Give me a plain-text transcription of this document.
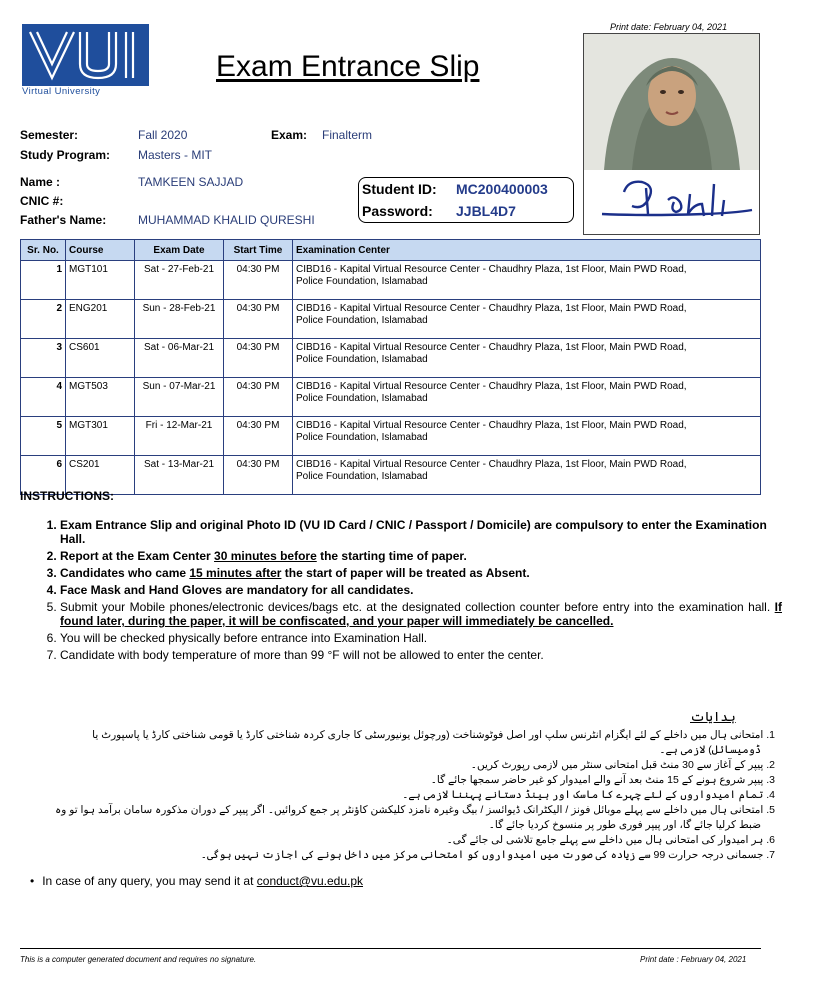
Print date: February 04, 2021
Virtual University
Exam Entrance Slip
Semester:	Fall 2020	Exam: Finalterm
Study Program: Masters - MIT
Name :	TAMKEEN SAJJAD
CNIC #:
Father's Name:	MUHAMMAD KHALID QURESHI
Student ID: MC200400003
Password: JJBL4D7
Sr. No.	Course	Exam Date	Start Time	Examination Center
1	MGT101	Sat - 27-Feb-21	04:30 PM	CIBD16 - Kapital Virtual Resource Center - Chaudhry Plaza, 1st Floor, Main PWD Road,
Police Foundation, Islamabad

2	ENG201	Sun - 28-Feb-21	04:30 PM	CIBD16 - Kapital Virtual Resource Center - Chaudhry Plaza, 1st Floor, Main PWD Road,
Police Foundation, Islamabad

3	CS601	Sat - 06-Mar-21	04:30 PM	CIBD16 - Kapital Virtual Resource Center - Chaudhry Plaza, 1st Floor, Main PWD Road,
Police Foundation, Islamabad

4	MGT503	Sun - 07-Mar-21	04:30 PM	CIBD16 - Kapital Virtual Resource Center - Chaudhry Plaza, 1st Floor, Main PWD Road,
Police Foundation, Islamabad

5	MGT301	Fri - 12-Mar-21	04:30 PM	CIBD16 - Kapital Virtual Resource Center - Chaudhry Plaza, 1st Floor, Main PWD Road,
Police Foundation, Islamabad

6	CS201	Sat - 13-Mar-21	04:30 PM	CIBD16 - Kapital Virtual Resource Center - Chaudhry Plaza, 1st Floor, Main PWD Road,
Police Foundation, Islamabad
INSTRUCTIONS:
1. Exam Entrance Slip and original Photo ID (VU ID Card / CNIC / Passport / Domicile) are compulsory to enter the Examination Hall.
2. Report at the Exam Center 30 minutes before the starting time of paper.
3. Candidates who came 15 minutes after the start of paper will be treated as Absent.
4. Face Mask and Hand Gloves are mandatory for all candidates.
5. Submit your Mobile phones/electronic devices/bags etc. at the designated collection counter before entry into the examination hall. If found later, during the paper, it will be confiscated, and your paper will immediately be cancelled.
6. You will be checked physically before entrance into Examination Hall.
7. Candidate with body temperature of more than 99 °F will not be allowed to enter the center.
ہدایات
1. امتحانی ہال میں داخلے کے لئے ایگزام انٹرنس سلپ اور اصل فوٹوشناخت (ورچوئل یونیورسٹی کا جاری کردہ شناختی کارڈ یا قومی شناختی کارڈ یا پاسپورٹ یا
ڈومیسائل) لازمی ہے۔
2. پیپر کے آغاز سے 30 منٹ قبل امتحانی سنٹر میں لازمی رپورٹ کریں۔
3. پیپر شروع ہونے کے 15 منٹ بعد آنے والے امیدوار کو غیر حاضر سمجھا جائے گا۔
4. تمام امیدواروں کے لئے چہرے کا ماسک اور ہینڈ دستانے پہننا لازمی ہے۔
5. امتحانی ہال میں داخلے سے پہلے موبائل فونز / الیکٹرانک ڈیوائسز / بیگ وغیرہ نامزد کلیکشن کاؤنٹر پر جمع کروائیں۔ اگر پیپر کے دوران مذکورہ سامان برآمد ہوا تو وہ
ضبط کرلیا جائے گا، اور پیپر فوری طور پر منسوخ کردیا جائے گا۔
6. ہر امیدوار کی امتحانی ہال میں داخلے سے پہلے جامع تلاشی لی جائے گی۔
7. جسمانی درجہ حرارت 99 سے زیادہ کی صورت میں امیدواروں کو امتحانی مرکز میں داخل ہونے کی اجازت نہیں ہوگی۔
• In case of any query, you may send it at conduct@vu.edu.pk
This is a computer generated document and requires no signature.	Print date : February 04, 2021
